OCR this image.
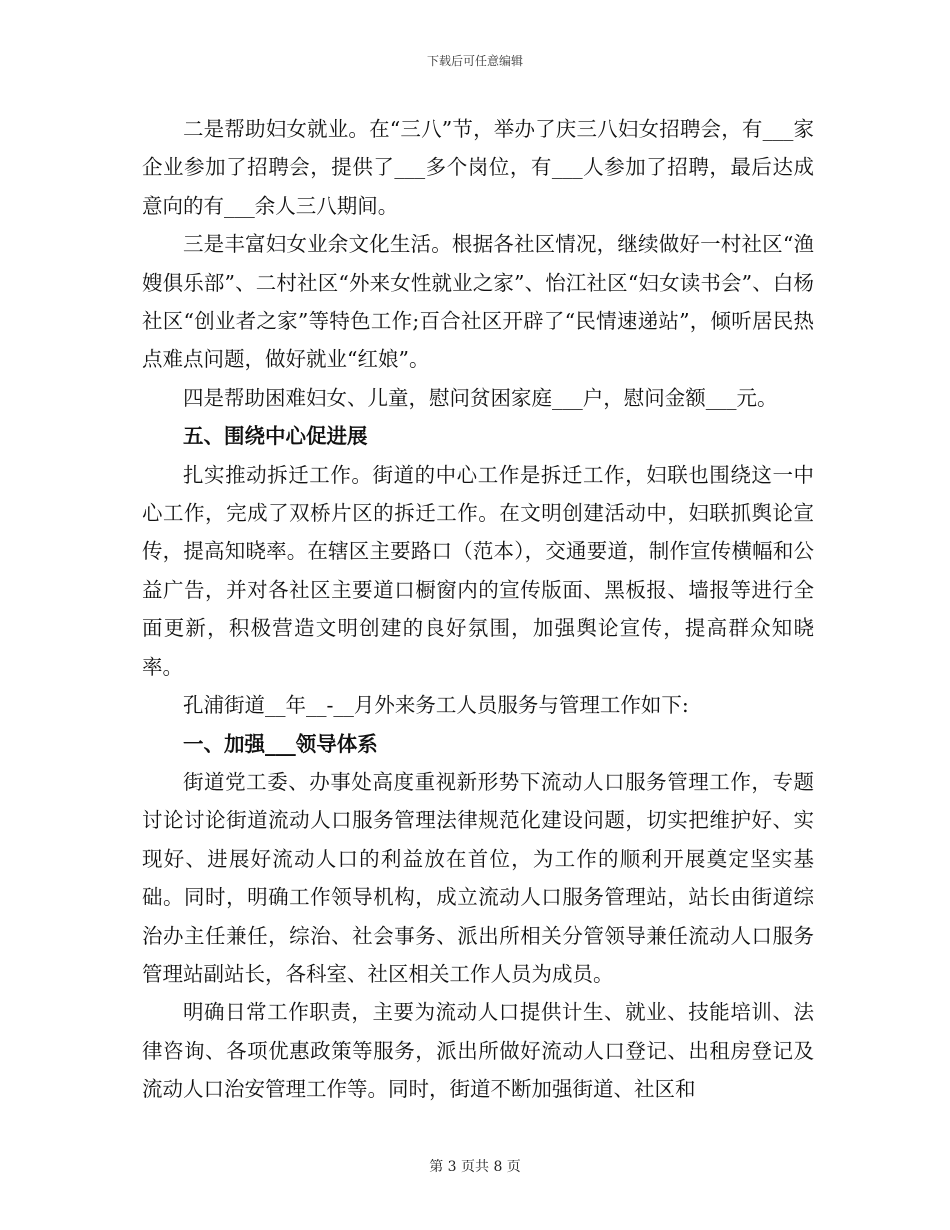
下载后可任意编辑

二是帮助妇女就业。在“三八”节，举办了庆三八妇女招聘会，有___家企业参加了招聘会，提供了___多个岗位，有___人参加了招聘，最后达成意向的有___余人三八期间。

三是丰富妇女业余文化生活。根据各社区情况，继续做好一村社区“渔嫂俱乐部”、二村社区“外来女性就业之家”、怡江社区“妇女读书会”、白杨社区“创业者之家”等特色工作;百合社区开辟了“民情速递站”，倾听居民热点难点问题，做好就业“红娘”。

四是帮助困难妇女、儿童，慰问贫困家庭___户，慰问金额___元。

五、围绕中心促进展

扎实推动拆迁工作。街道的中心工作是拆迁工作，妇联也围绕这一中心工作，完成了双桥片区的拆迁工作。在文明创建活动中，妇联抓舆论宣传，提高知晓率。在辖区主要路口（范本），交通要道，制作宣传横幅和公益广告，并对各社区主要道口橱窗内的宣传版面、黑板报、墙报等进行全面更新，积极营造文明创建的良好氛围，加强舆论宣传，提高群众知晓率。

孔浦街道__年__-__月外来务工人员服务与管理工作如下:

一、加强___领导体系

街道党工委、办事处高度重视新形势下流动人口服务管理工作，专题讨论讨论街道流动人口服务管理法律规范化建设问题，切实把维护好、实现好、进展好流动人口的利益放在首位，为工作的顺利开展奠定坚实基础。同时，明确工作领导机构，成立流动人口服务管理站，站长由街道综治办主任兼任，综治、社会事务、派出所相关分管领导兼任流动人口服务管理站副站长，各科室、社区相关工作人员为成员。

明确日常工作职责，主要为流动人口提供计生、就业、技能培训、法律咨询、各项优惠政策等服务，派出所做好流动人口登记、出租房登记及流动人口治安管理工作等。同时，街道不断加强街道、社区和

第 3 页共 8 页
